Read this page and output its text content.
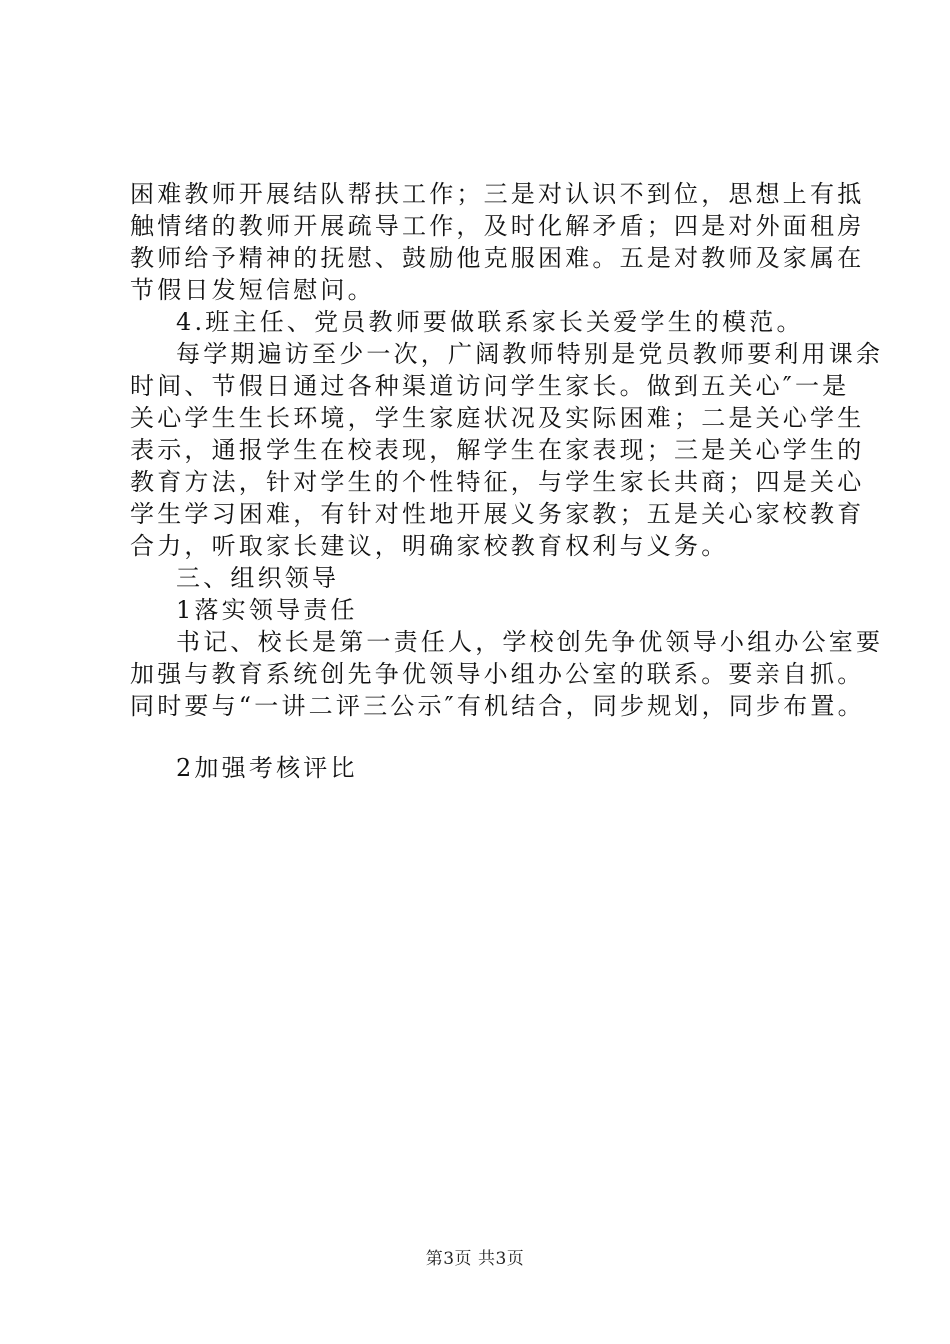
困难教师开展结队帮扶工作；三是对认识不到位，思想上有抵
触情绪的教师开展疏导工作，及时化解矛盾；四是对外面租房
教师给予精神的抚慰、鼓励他克服困难。五是对教师及家属在
节假日发短信慰问。
4.班主任、党员教师要做联系家长关爱学生的模范。
每学期遍访至少一次，广阔教师特别是党员教师要利用课余
时间、节假日通过各种渠道访问学生家长。做到五关心″一是
关心学生生长环境，学生家庭状况及实际困难；二是关心学生
表示，通报学生在校表现，解学生在家表现；三是关心学生的
教育方法，针对学生的个性特征，与学生家长共商；四是关心
学生学习困难，有针对性地开展义务家教；五是关心家校教育
合力，听取家长建议，明确家校教育权利与义务。
三、组织领导
1落实领导责任
书记、校长是第一责任人，学校创先争优领导小组办公室要
加强与教育系统创先争优领导小组办公室的联系。要亲自抓。
同时要与“一讲二评三公示″有机结合，同步规划，同步布置。
2加强考核评比
第3页 共3页
